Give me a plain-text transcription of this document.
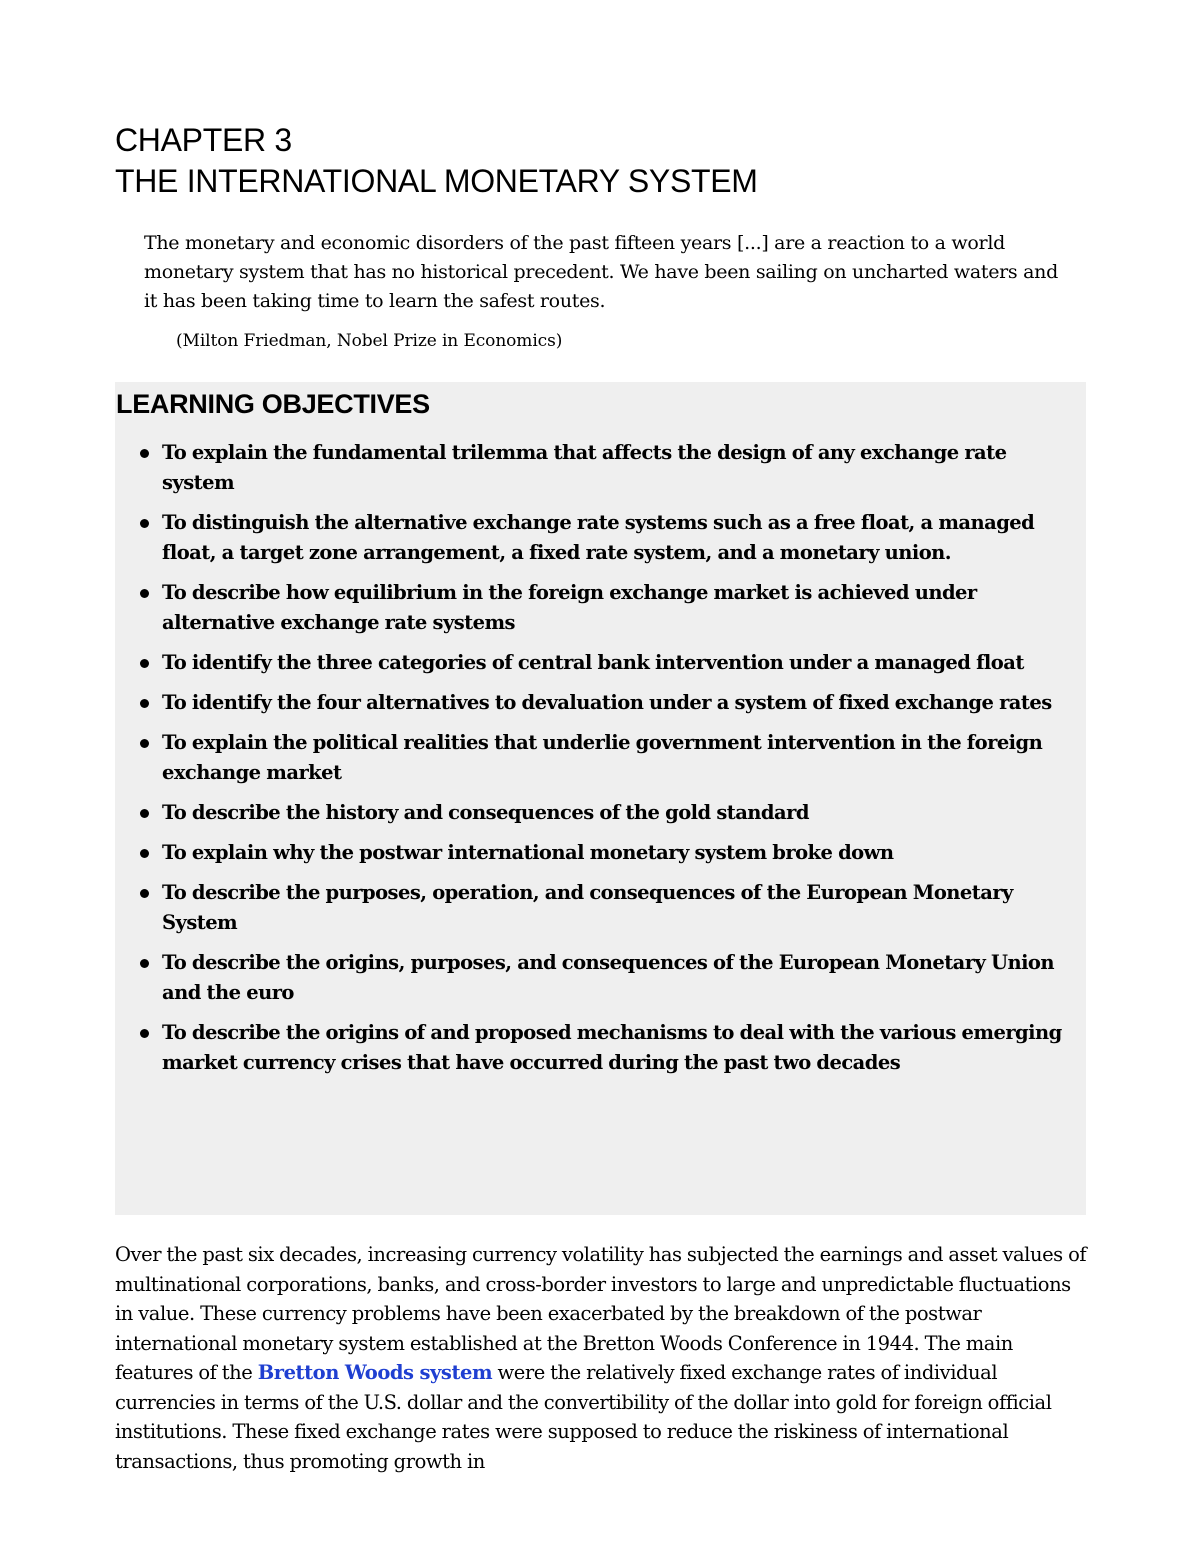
CHAPTER 3
THE INTERNATIONAL MONETARY SYSTEM

The monetary and economic disorders of the past fifteen years [...] are a reaction to a world monetary system that has no historical precedent. We have been sailing on uncharted waters and it has been taking time to learn the safest routes.

(Milton Friedman, Nobel Prize in Economics)

LEARNING OBJECTIVES
To explain the fundamental trilemma that affects the design of any exchange rate system
To distinguish the alternative exchange rate systems such as a free float, a managed float, a target zone arrangement, a fixed rate system, and a monetary union.
To describe how equilibrium in the foreign exchange market is achieved under alternative exchange rate systems
To identify the three categories of central bank intervention under a managed float
To identify the four alternatives to devaluation under a system of fixed exchange rates
To explain the political realities that underlie government intervention in the foreign exchange market
To describe the history and consequences of the gold standard
To explain why the postwar international monetary system broke down
To describe the purposes, operation, and consequences of the European Monetary System
To describe the origins, purposes, and consequences of the European Monetary Union and the euro
To describe the origins of and proposed mechanisms to deal with the various emerging market currency crises that have occurred during the past two decades

Over the past six decades, increasing currency volatility has subjected the earnings and asset values of multinational corporations, banks, and cross-border investors to large and unpredictable fluctuations in value. These currency problems have been exacerbated by the breakdown of the postwar international monetary system established at the Bretton Woods Conference in 1944. The main features of the Bretton Woods system were the relatively fixed exchange rates of individual currencies in terms of the U.S. dollar and the convertibility of the dollar into gold for foreign official institutions. These fixed exchange rates were supposed to reduce the riskiness of international transactions, thus promoting growth in
